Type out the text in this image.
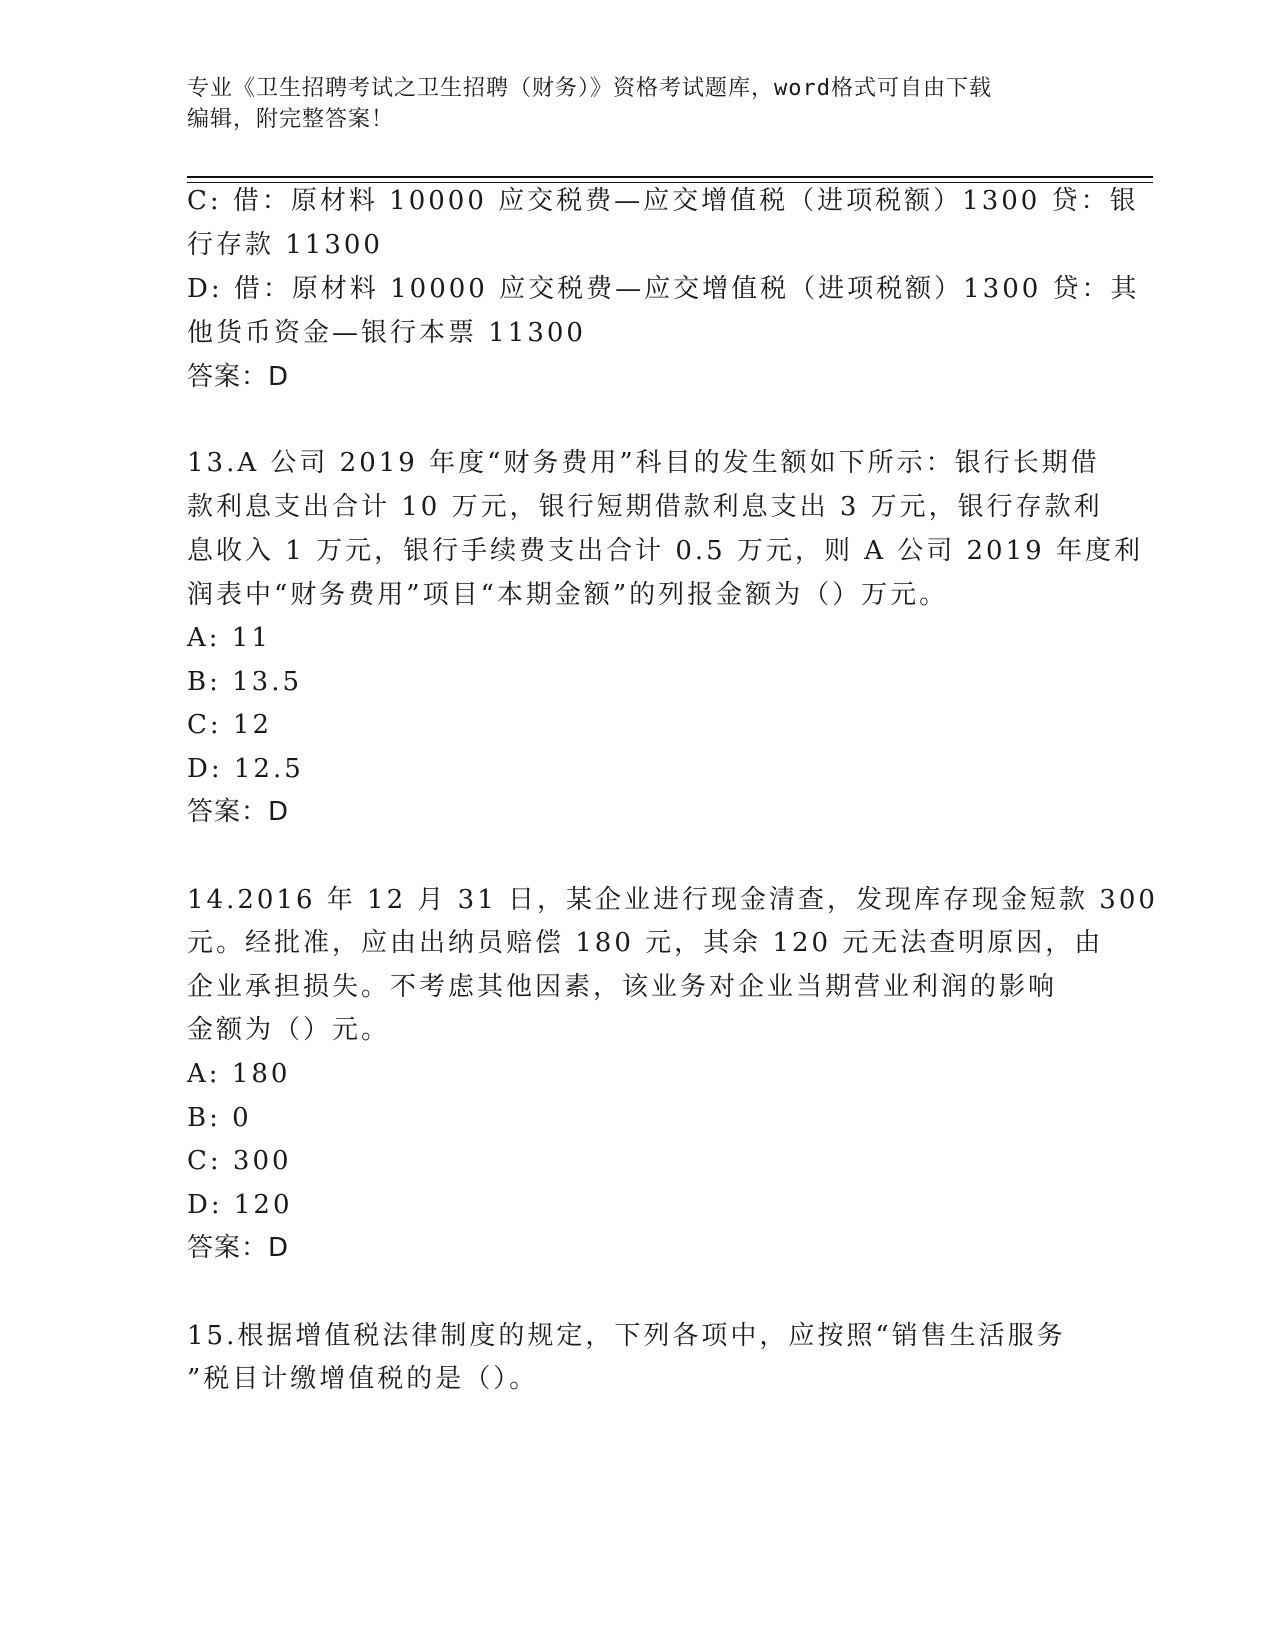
专业《卫生招聘考试之卫生招聘（财务）》资格考试题库，word格式可自由下载
编辑，附完整答案！
C: 借：原材料 10000 应交税费—应交增值税（进项税额）1300 贷：银
行存款 11300
D: 借：原材料 10000 应交税费—应交增值税（进项税额）1300 贷：其
他货币资金—银行本票 11300
答案：D
13.A 公司 2019 年度“财务费用”科目的发生额如下所示：银行长期借
款利息支出合计 10 万元，银行短期借款利息支出 3 万元，银行存款利
息收入 1 万元，银行手续费支出合计 0.5 万元，则 A 公司 2019 年度利
润表中“财务费用”项目“本期金额”的列报金额为（）万元。
A: 11
B: 13.5
C: 12
D: 12.5
答案：D
14.2016 年 12 月 31 日，某企业进行现金清查，发现库存现金短款 300
元。经批准，应由出纳员赔偿 180 元，其余 120 元无法查明原因，由
企业承担损失。不考虑其他因素，该业务对企业当期营业利润的影响
金额为（）元。
A: 180
B: 0
C: 300
D: 120
答案：D
15.根据增值税法律制度的规定，下列各项中，应按照“销售生活服务
”税目计缴增值税的是（）。
